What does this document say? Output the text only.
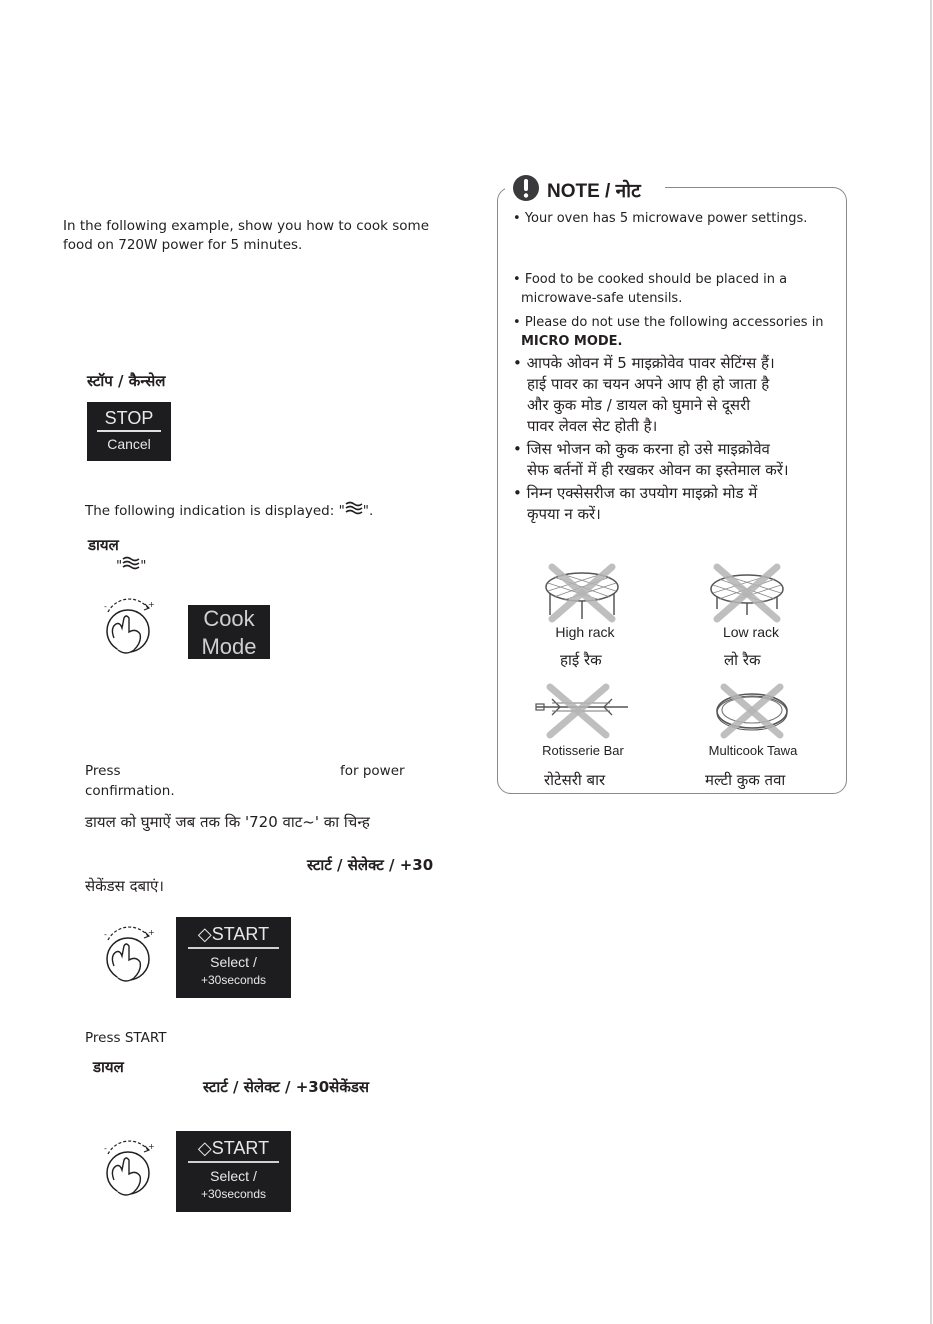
In the following example, show you how to cook some
food on 720W power for 5 minutes.
स्टॉप / कैन्सेल
STOP
Cancel
The following indication is displayed: " ".
डायल
" "
-	+
Cook
Mode
Press	for power
confirmation.
डायल को घुमाऐं जब तक कि '720 वाट~' का चिन्ह
स्टार्ट / सेलेक्ट / +30
सेकेंडस दबाएं।
-	+	◇START
Select /
+30seconds
Press START
डायल
स्टार्ट / सेलेक्ट / +30सेकेंडस
-	+	◇START
Select /
+30seconds
NOTE / नोट
• Your oven has 5 microwave power settings.
• Food to be cooked should be placed in a
microwave-safe utensils.
• Please do not use the following accessories in
MICRO MODE.
• आपके ओवन में 5 माइक्रोवेव पावर सेटिंग्स हैं।
हाई पावर का चयन अपने आप ही हो जाता है
और कुक मोड / डायल को घुमाने से दूसरी
पावर लेवल सेट होती है।
• जिस भोजन को कुक करना हो उसे माइक्रोवेव
सेफ बर्तनों में ही रखकर ओवन का इस्तेमाल करें।
• निम्न एक्सेसरीज का उपयोग माइक्रो मोड में
कृपया न करें।
High rack
हाई रैक
Low rack
लो रैक
Rotisserie Bar
रोटेसरी बार
Multicook Tawa
मल्टी कुक तवा
